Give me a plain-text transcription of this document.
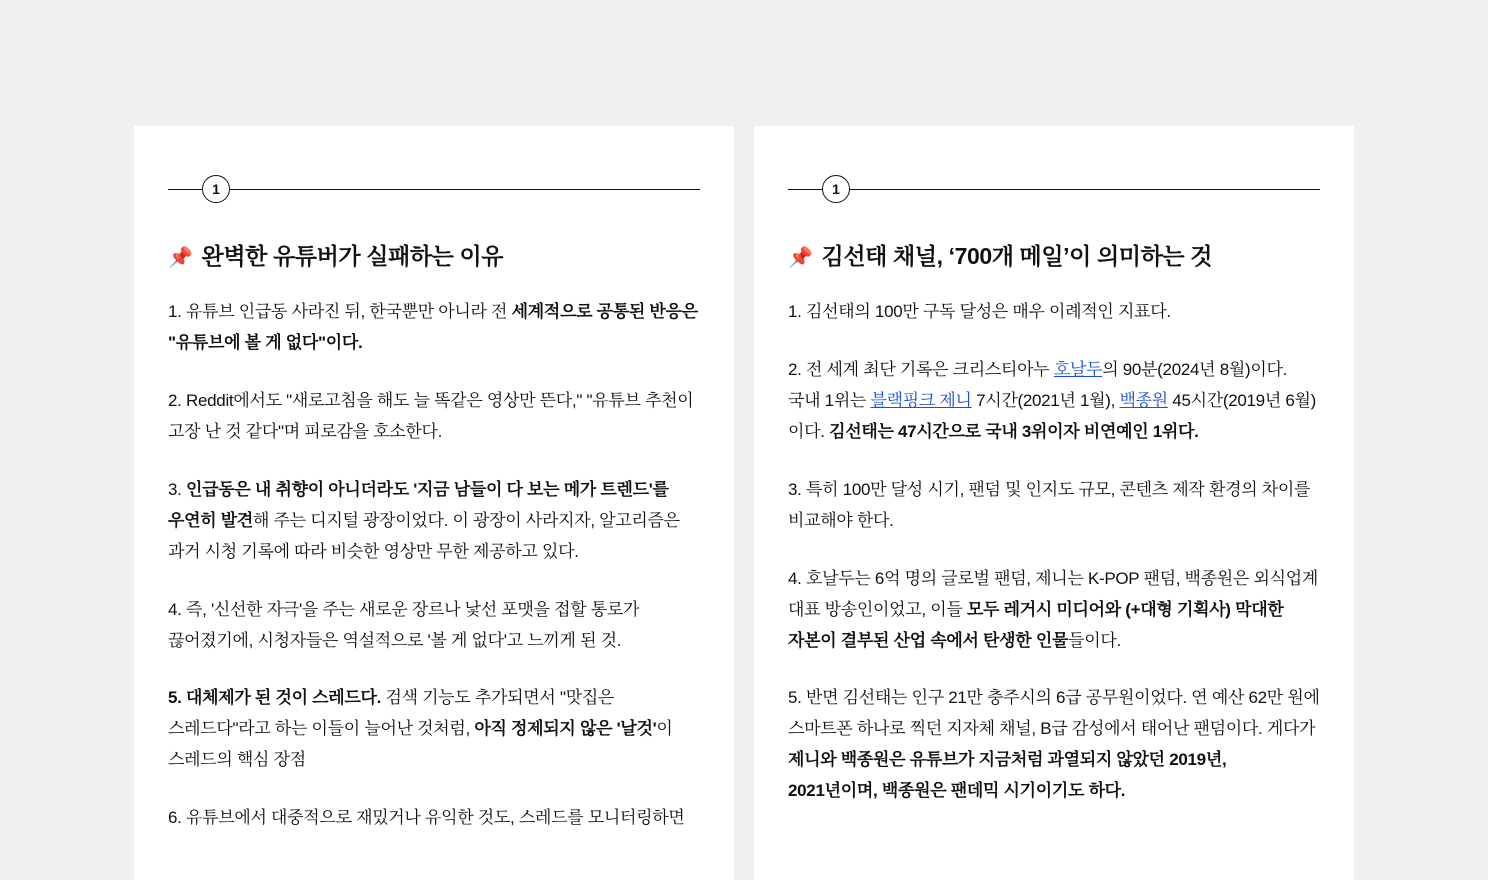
1
📌 완벽한 유튜버가 실패하는 이유
1. 유튜브 인급동 사라진 뒤, 한국뿐만 아니라 전 세계적으로 공통된 반응은 "유튜브에 볼 게 없다"이다.
2. Reddit에서도 "새로고침을 해도 늘 똑같은 영상만 뜬다," "유튜브 추천이 고장 난 것 같다"며 피로감을 호소한다.
3. 인급동은 내 취향이 아니더라도 '지금 남들이 다 보는 메가 트렌드'를 우연히 발견해 주는 디지털 광장이었다. 이 광장이 사라지자, 알고리즘은 과거 시청 기록에 따라 비슷한 영상만 무한 제공하고 있다.
4. 즉, '신선한 자극'을 주는 새로운 장르나 낯선 포맷을 접할 통로가 끊어졌기에, 시청자들은 역설적으로 '볼 게 없다'고 느끼게 된 것.
5. 대체제가 된 것이 스레드다. 검색 기능도 추가되면서 "맛집은 스레드다"라고 하는 이들이 늘어난 것처럼, 아직 정제되지 않은 '날것'이 스레드의 핵심 장점
6. 유튜브에서 대중적으로 재밌거나 유익한 것도, 스레드를 모니터링하면
1
📌 김선태 채널, ‘700개 메일’이 의미하는 것
1. 김선태의 100만 구독 달성은 매우 이례적인 지표다.
2. 전 세계 최단 기록은 크리스티아누 호날두의 90분(2024년 8월)이다. 국내 1위는 블랙핑크 제니 7시간(2021년 1월), 백종원 45시간(2019년 6월)이다. 김선태는 47시간으로 국내 3위이자 비연예인 1위다.
3. 특히 100만 달성 시기, 팬덤 및 인지도 규모, 콘텐츠 제작 환경의 차이를 비교해야 한다.
4. 호날두는 6억 명의 글로벌 팬덤, 제니는 K-POP 팬덤, 백종원은 외식업계 대표 방송인이었고, 이들 모두 레거시 미디어와 (+대형 기획사) 막대한 자본이 결부된 산업 속에서 탄생한 인물들이다.
5. 반면 김선태는 인구 21만 충주시의 6급 공무원이었다. 연 예산 62만 원에 스마트폰 하나로 찍던 지자체 채널, B급 감성에서 태어난 팬덤이다. 게다가 제니와 백종원은 유튜브가 지금처럼 과열되지 않았던 2019년, 2021년이며, 백종원은 팬데믹 시기이기도 하다.
